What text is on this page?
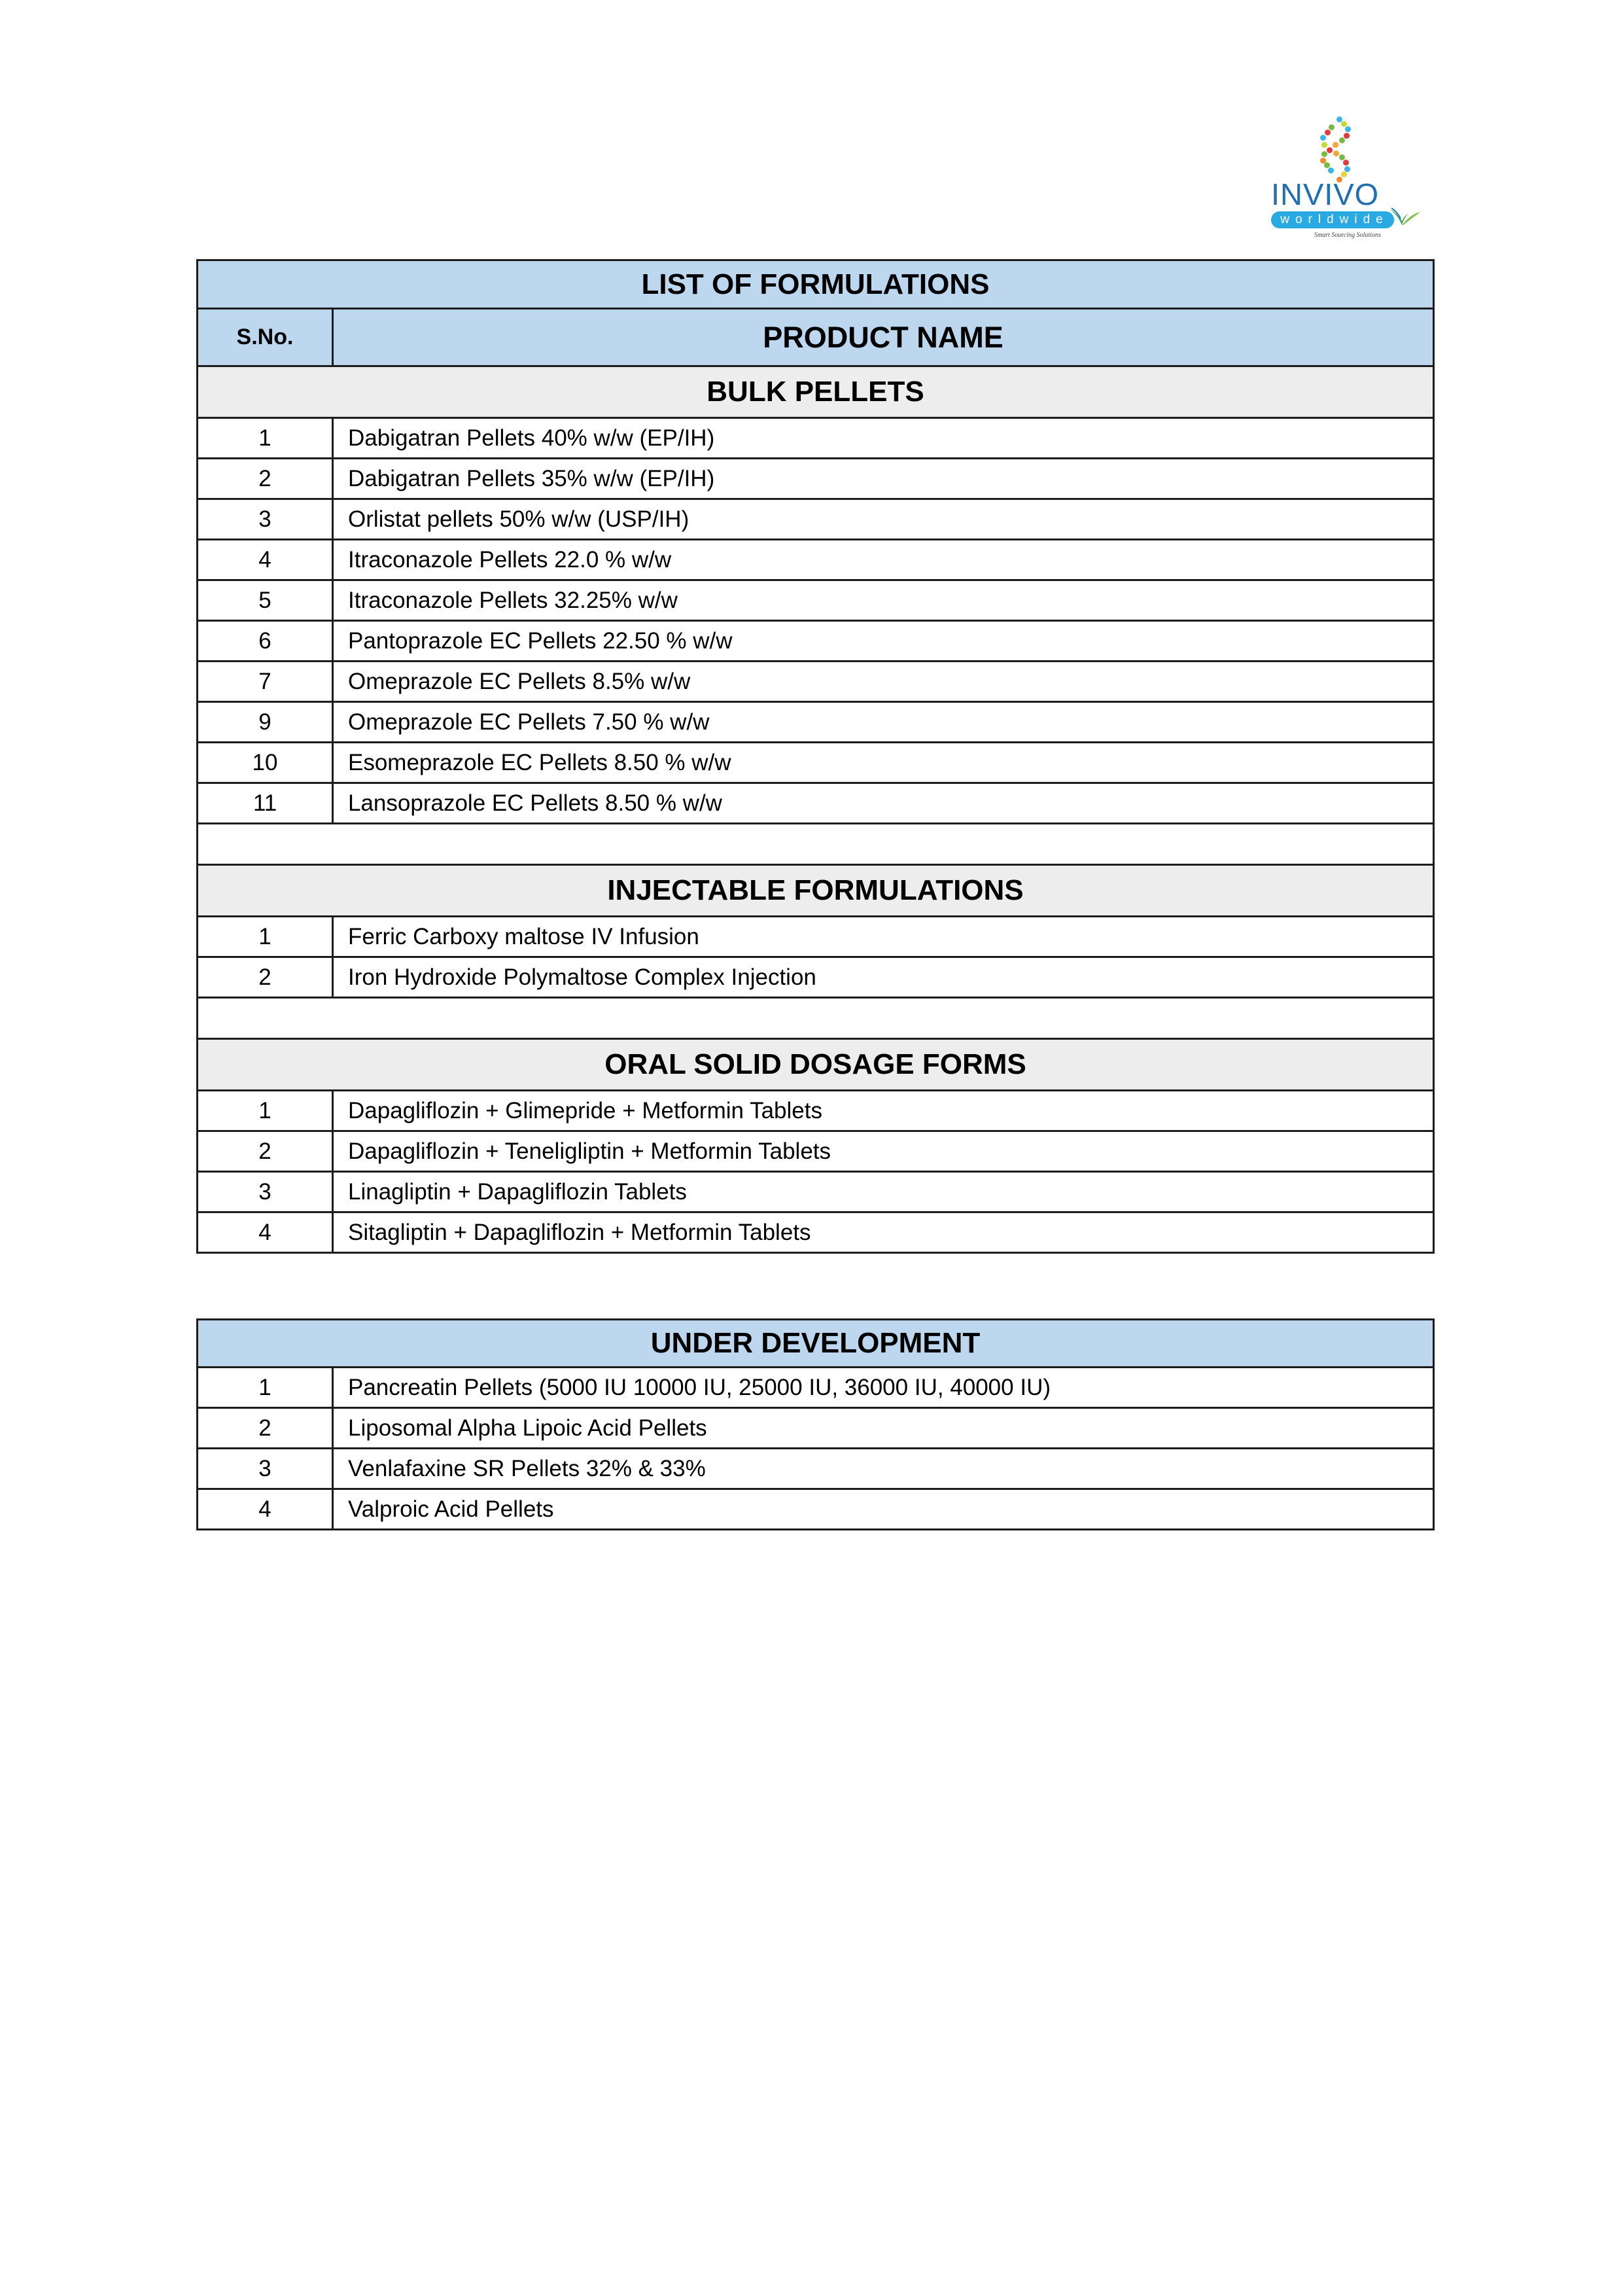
INVIVO
worldwide
Smart Sourcing Solutions
LIST OF FORMULATIONS	
S.No.	PRODUCT NAME
BULK PELLETS	
1	Dabigatran Pellets 40% w/w (EP/IH)
2	Dabigatran Pellets 35% w/w (EP/IH)
3	Orlistat pellets 50% w/w (USP/IH)
4	Itraconazole Pellets 22.0 % w/w
5	Itraconazole Pellets 32.25% w/w
6	Pantoprazole EC Pellets 22.50 % w/w
7	Omeprazole EC Pellets 8.5% w/w
9	Omeprazole EC Pellets 7.50 % w/w
10	Esomeprazole EC Pellets 8.50 % w/w
11	Lansoprazole EC Pellets 8.50 % w/w

INJECTABLE FORMULATIONS	
1	Ferric Carboxy maltose IV Infusion
2	Iron Hydroxide Polymaltose Complex Injection

ORAL SOLID DOSAGE FORMS	
1	Dapagliflozin + Glimepride + Metformin Tablets
2	Dapagliflozin + Teneligliptin + Metformin Tablets
3	Linagliptin + Dapagliflozin Tablets
4	Sitagliptin + Dapagliflozin + Metformin Tablets
UNDER DEVELOPMENT	
1	Pancreatin Pellets (5000 IU 10000 IU, 25000 IU, 36000 IU, 40000 IU)
2	Liposomal Alpha Lipoic Acid Pellets
3	Venlafaxine SR Pellets 32% & 33%
4	Valproic Acid Pellets
